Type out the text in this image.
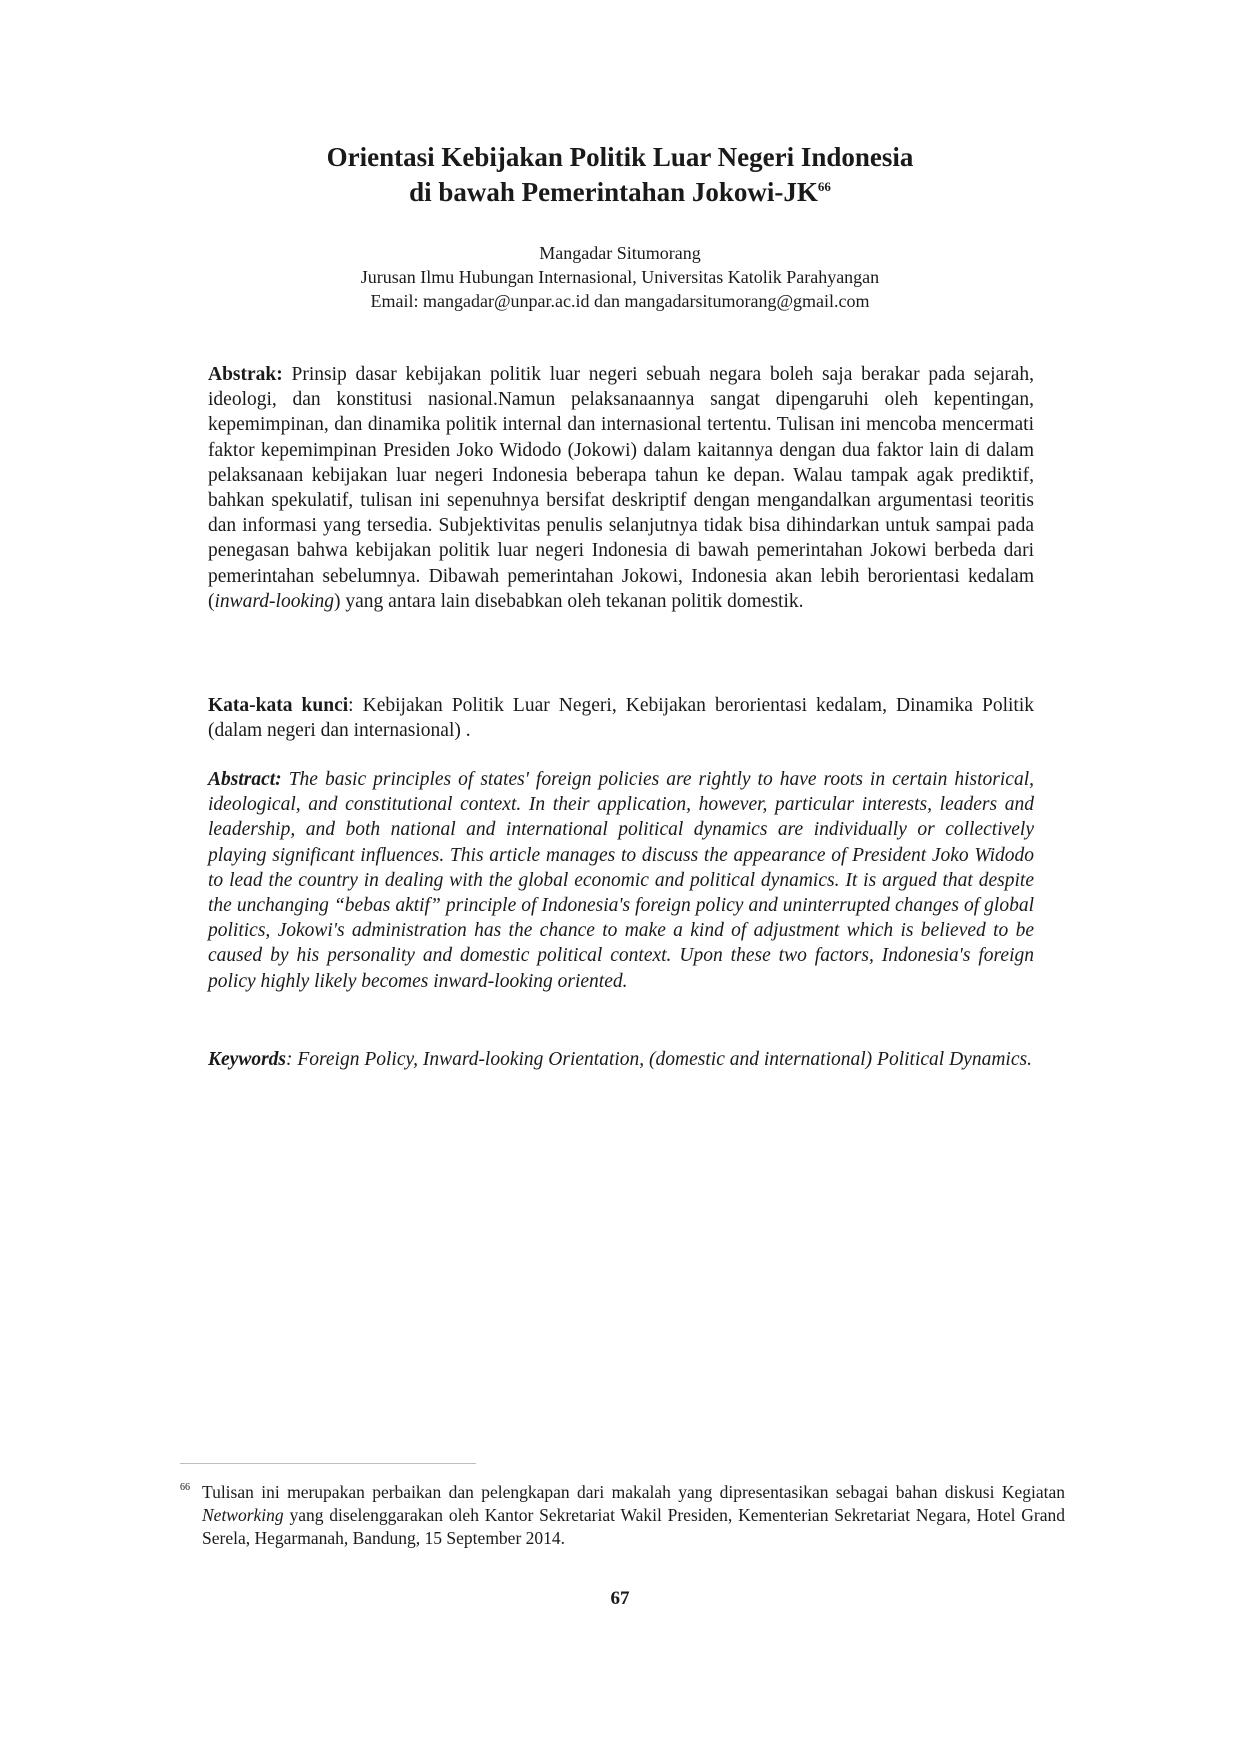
Orientasi Kebijakan Politik Luar Negeri Indonesia
di bawah Pemerintahan Jokowi-JK$^{66}$
Mangadar Situmorang
Jurusan Ilmu Hubungan Internasional, Universitas Katolik Parahyangan
Email: mangadar@unpar.ac.id dan mangadarsitumorang@gmail.com

Abstrak: Prinsip dasar kebijakan politik luar negeri sebuah negara boleh saja berakar pada sejarah, ideologi, dan konstitusi nasional.Namun pelaksanaannya sangat dipengaruhi oleh kepentingan, kepemimpinan, dan dinamika politik internal dan internasional tertentu. Tulisan ini mencoba mencermati faktor kepemimpinan Presiden Joko Widodo (Jokowi) dalam kaitannya dengan dua faktor lain di dalam pelaksanaan kebijakan luar negeri Indonesia beberapa tahun ke depan. Walau tampak agak prediktif, bahkan spekulatif, tulisan ini sepenuhnya bersifat deskriptif dengan mengandalkan argumentasi teoritis dan informasi yang tersedia. Subjektivitas penulis selanjutnya tidak bisa dihindarkan untuk sampai pada penegasan bahwa kebijakan politik luar negeri Indonesia di bawah pemerintahan Jokowi berbeda dari pemerintahan sebelumnya. Dibawah pemerintahan Jokowi, Indonesia akan lebih berorientasi kedalam (inward-looking) yang antara lain disebabkan oleh tekanan politik domestik.

Kata-kata kunci: Kebijakan Politik Luar Negeri, Kebijakan berorientasi kedalam, Dinamika Politik (dalam negeri dan internasional) .

Abstract: The basic principles of states' foreign policies are rightly to have roots in certain historical, ideological, and constitutional context. In their application, however, particular interests, leaders and leadership, and both national and international political dynamics are individually or collectively playing significant influences. This article manages to discuss the appearance of President Joko Widodo to lead the country in dealing with the global economic and political dynamics. It is argued that despite the unchanging “bebas aktif” principle of Indonesia's foreign policy and uninterrupted changes of global politics, Jokowi's administration has the chance to make a kind of adjustment which is believed to be caused by his personality and domestic political context. Upon these two factors, Indonesia's foreign policy highly likely becomes inward-looking oriented.

Keywords: Foreign Policy, Inward-looking Orientation, (domestic and international) Political Dynamics.

66 Tulisan ini merupakan perbaikan dan pelengkapan dari makalah yang dipresentasikan sebagai bahan diskusi Kegiatan Networking yang diselenggarakan oleh Kantor Sekretariat Wakil Presiden, Kementerian Sekretariat Negara, Hotel Grand Serela, Hegarmanah, Bandung, 15 September 2014.
67
